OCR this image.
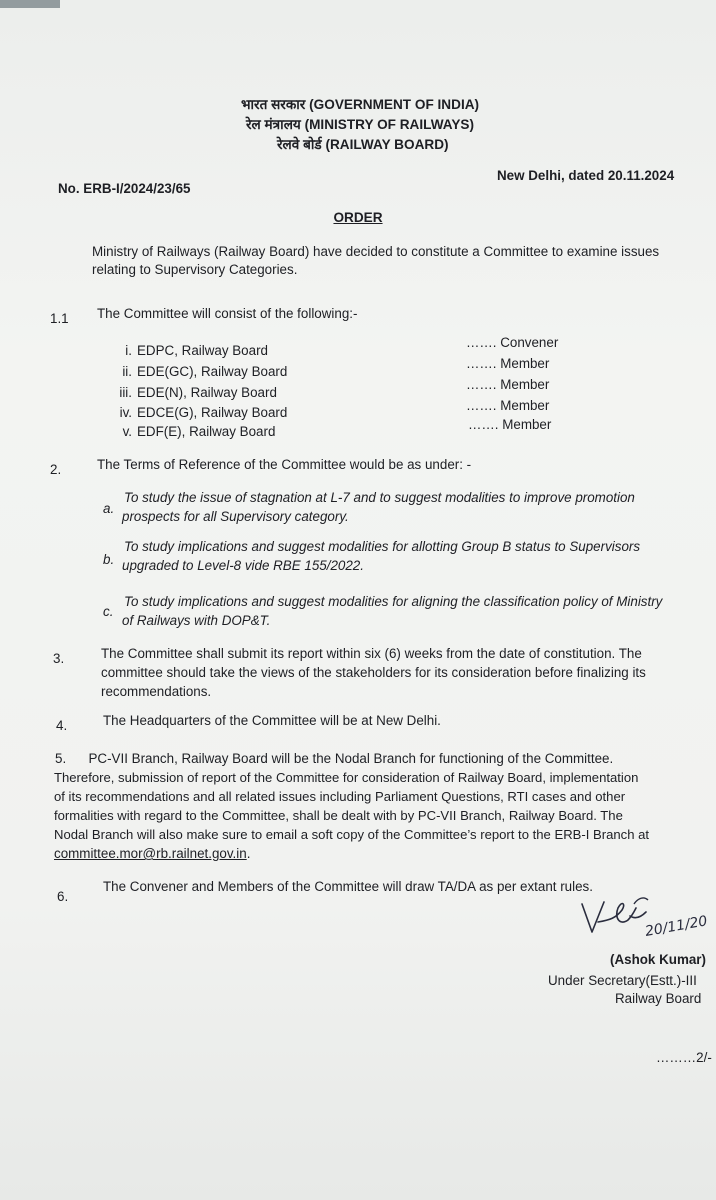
भारत सरकार (GOVERNMENT OF INDIA)
रेल मंत्रालय (MINISTRY OF RAILWAYS)
रेलवे बोर्ड (RAILWAY BOARD)
No. ERB-I/2024/23/65
New Delhi, dated 20.11.2024
ORDER
Ministry of Railways (Railway Board) have decided to constitute a Committee to examine issues relating to Supervisory Categories.
1.1 The Committee will consist of the following:-
i. EDPC, Railway Board
……. Convener
ii. EDE(GC), Railway Board
……. Member
iii. EDE(N), Railway Board
……. Member
iv. EDCE(G), Railway Board	……. Member
v. EDF(E), Railway Board	……. Member
2.	The Terms of Reference of the Committee would be as under: -
a.
To study the issue of stagnation at L-7 and to suggest modalities to improve promotion
prospects for all Supervisory category.
b.
To study implications and suggest modalities for allotting Group B status to Supervisors
upgraded to Level-8 vide RBE 155/2022.
c.
To study implications and suggest modalities for aligning the classification policy of Ministry
of Railways with DOP&T.
3.	The Committee shall submit its report within six (6) weeks from the date of constitution. The
committee should take the views of the stakeholders for its consideration before finalizing its
recommendations.
4.	The Headquarters of the Committee will be at New Delhi.
5.      PC-VII Branch, Railway Board will be the Nodal Branch for functioning of the Committee.
Therefore, submission of report of the Committee for consideration of Railway Board, implementation
of its recommendations and all related issues including Parliament Questions, RTI cases and other
formalities with regard to the Committee, shall be dealt with by PC-VII Branch, Railway Board. The
Nodal Branch will also make sure to email a soft copy of the Committee’s report to the ERB-I Branch at
committee.mor@rb.railnet.gov.in.
6.
The Convener and Members of the Committee will draw TA/DA as per extant rules.
20/11/20
(Ashok Kumar)
Under Secretary(Estt.)-III
Railway Board
………2/-
